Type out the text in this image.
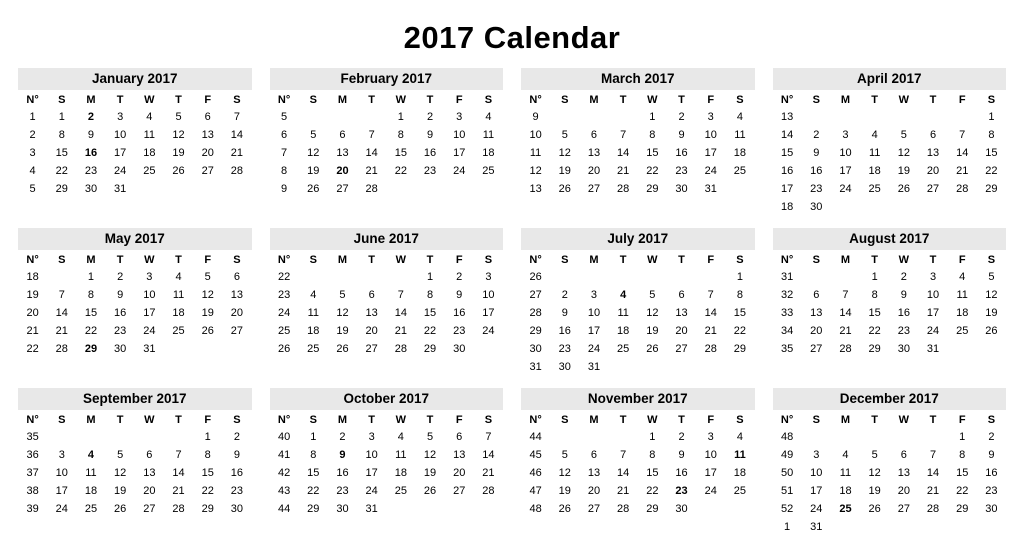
2017 Calendar
January 2017
N°	S	M	T	W	T	F	S
1	1	2	3	4	5	6	7
2	8	9	10	11	12	13	14
3	15	16	17	18	19	20	21
4	22	23	24	25	26	27	28
5	29	30	31				
February 2017
N°	S	M	T	W	T	F	S
5				1	2	3	4
6	5	6	7	8	9	10	11
7	12	13	14	15	16	17	18
8	19	20	21	22	23	24	25
9	26	27	28				
March 2017
N°	S	M	T	W	T	F	S
9				1	2	3	4
10	5	6	7	8	9	10	11
11	12	13	14	15	16	17	18
12	19	20	21	22	23	24	25
13	26	27	28	29	30	31	
April 2017
N°	S	M	T	W	T	F	S
13							1
14	2	3	4	5	6	7	8
15	9	10	11	12	13	14	15
16	16	17	18	19	20	21	22
17	23	24	25	26	27	28	29
18	30						
May 2017
N°	S	M	T	W	T	F	S
18		1	2	3	4	5	6
19	7	8	9	10	11	12	13
20	14	15	16	17	18	19	20
21	21	22	23	24	25	26	27
22	28	29	30	31			
June 2017
N°	S	M	T	W	T	F	S
22					1	2	3
23	4	5	6	7	8	9	10
24	11	12	13	14	15	16	17
25	18	19	20	21	22	23	24
26	25	26	27	28	29	30	
July 2017
N°	S	M	T	W	T	F	S
26							1
27	2	3	4	5	6	7	8
28	9	10	11	12	13	14	15
29	16	17	18	19	20	21	22
30	23	24	25	26	27	28	29
31	30	31					
August 2017
N°	S	M	T	W	T	F	S
31			1	2	3	4	5
32	6	7	8	9	10	11	12
33	13	14	15	16	17	18	19
34	20	21	22	23	24	25	26
35	27	28	29	30	31		
September 2017
N°	S	M	T	W	T	F	S
35						1	2
36	3	4	5	6	7	8	9
37	10	11	12	13	14	15	16
38	17	18	19	20	21	22	23
39	24	25	26	27	28	29	30
October 2017
N°	S	M	T	W	T	F	S
40	1	2	3	4	5	6	7
41	8	9	10	11	12	13	14
42	15	16	17	18	19	20	21
43	22	23	24	25	26	27	28
44	29	30	31				
November 2017
N°	S	M	T	W	T	F	S
44				1	2	3	4
45	5	6	7	8	9	10	11
46	12	13	14	15	16	17	18
47	19	20	21	22	23	24	25
48	26	27	28	29	30		
December 2017
N°	S	M	T	W	T	F	S
48						1	2
49	3	4	5	6	7	8	9
50	10	11	12	13	14	15	16
51	17	18	19	20	21	22	23
52	24	25	26	27	28	29	30
1	31						
